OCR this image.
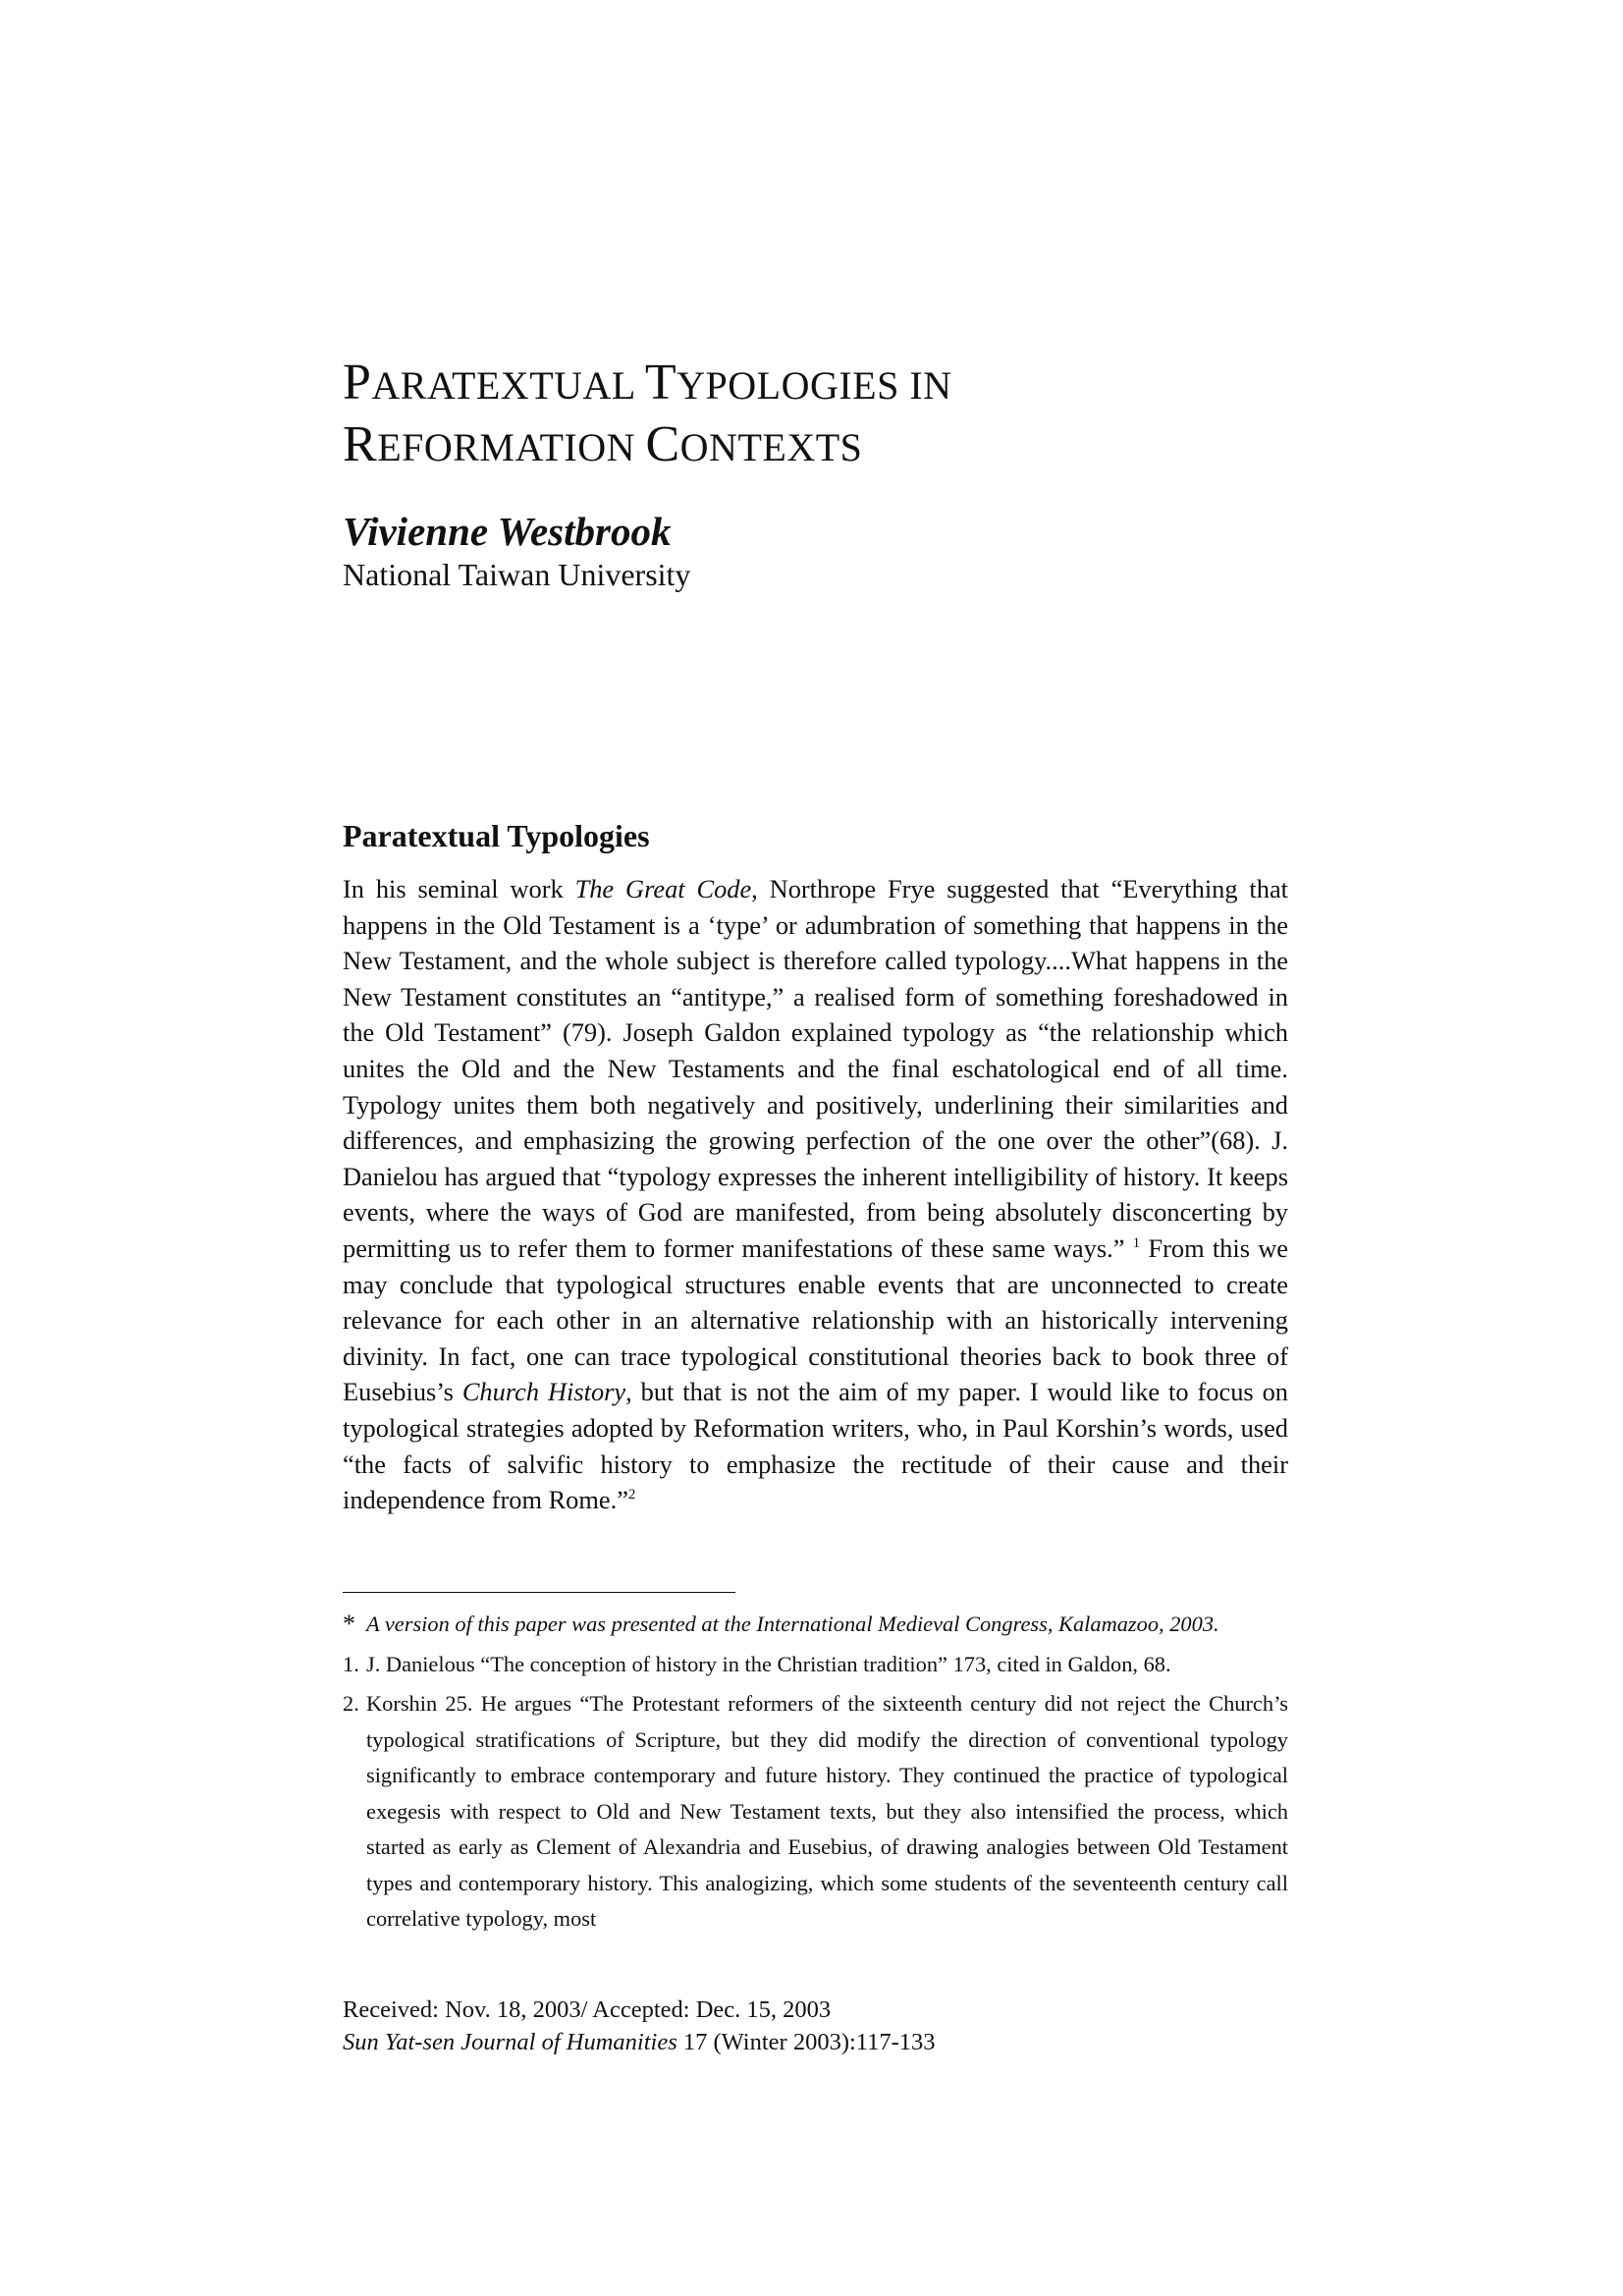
PARATEXTUAL TYPOLOGIES IN
REFORMATION CONTEXTS
Vivienne Westbrook
National Taiwan University
Paratextual Typologies

In his seminal work The Great Code, Northrope Frye suggested that “Everything that happens in the Old Testament is a ‘type’ or adumbration of something that happens in the New Testament, and the whole subject is therefore called typology....What happens in the New Testament constitutes an “antitype,” a realised form of something foreshadowed in the Old Testament” (79). Joseph Galdon explained typology as “the relationship which unites the Old and the New Testaments and the final eschatological end of all time. Typology unites them both negatively and positively, underlining their similarities and differences, and emphasizing the growing perfection of the one over the other”(68). J. Danielou has argued that “typology expresses the inherent intelligibility of history. It keeps events, where the ways of God are manifested, from being absolutely disconcerting by permitting us to refer them to former manifestations of these same ways.” $^1$ From this we may conclude that typological structures enable events that are unconnected to create relevance for each other in an alternative relationship with an historically intervening divinity. In fact, one can trace typological constitutional theories back to book three of Eusebius’s Church History, but that is not the aim of my paper. I would like to focus on typological strategies adopted by Reformation writers, who, in Paul Korshin’s words, used “the facts of salvific history to emphasize the rectitude of their cause and their independence from Rome.”$^2$

* A version of this paper was presented at the International Medieval Congress, Kalamazoo, 2003.

1. J. Danielous “The conception of history in the Christian tradition” 173, cited in Galdon, 68.

2. Korshin 25. He argues “The Protestant reformers of the sixteenth century did not reject the Church’s typological stratifications of Scripture, but they did modify the direction of conventional typology significantly to embrace contemporary and future history. They continued the practice of typological exegesis with respect to Old and New Testament texts, but they also intensified the process, which started as early as Clement of Alexandria and Eusebius, of drawing analogies between Old Testament types and contemporary history. This analogizing, which some students of the seventeenth century call correlative typology, most

Received: Nov. 18, 2003/ Accepted: Dec. 15, 2003
Sun Yat-sen Journal of Humanities 17 (Winter 2003):117-133
